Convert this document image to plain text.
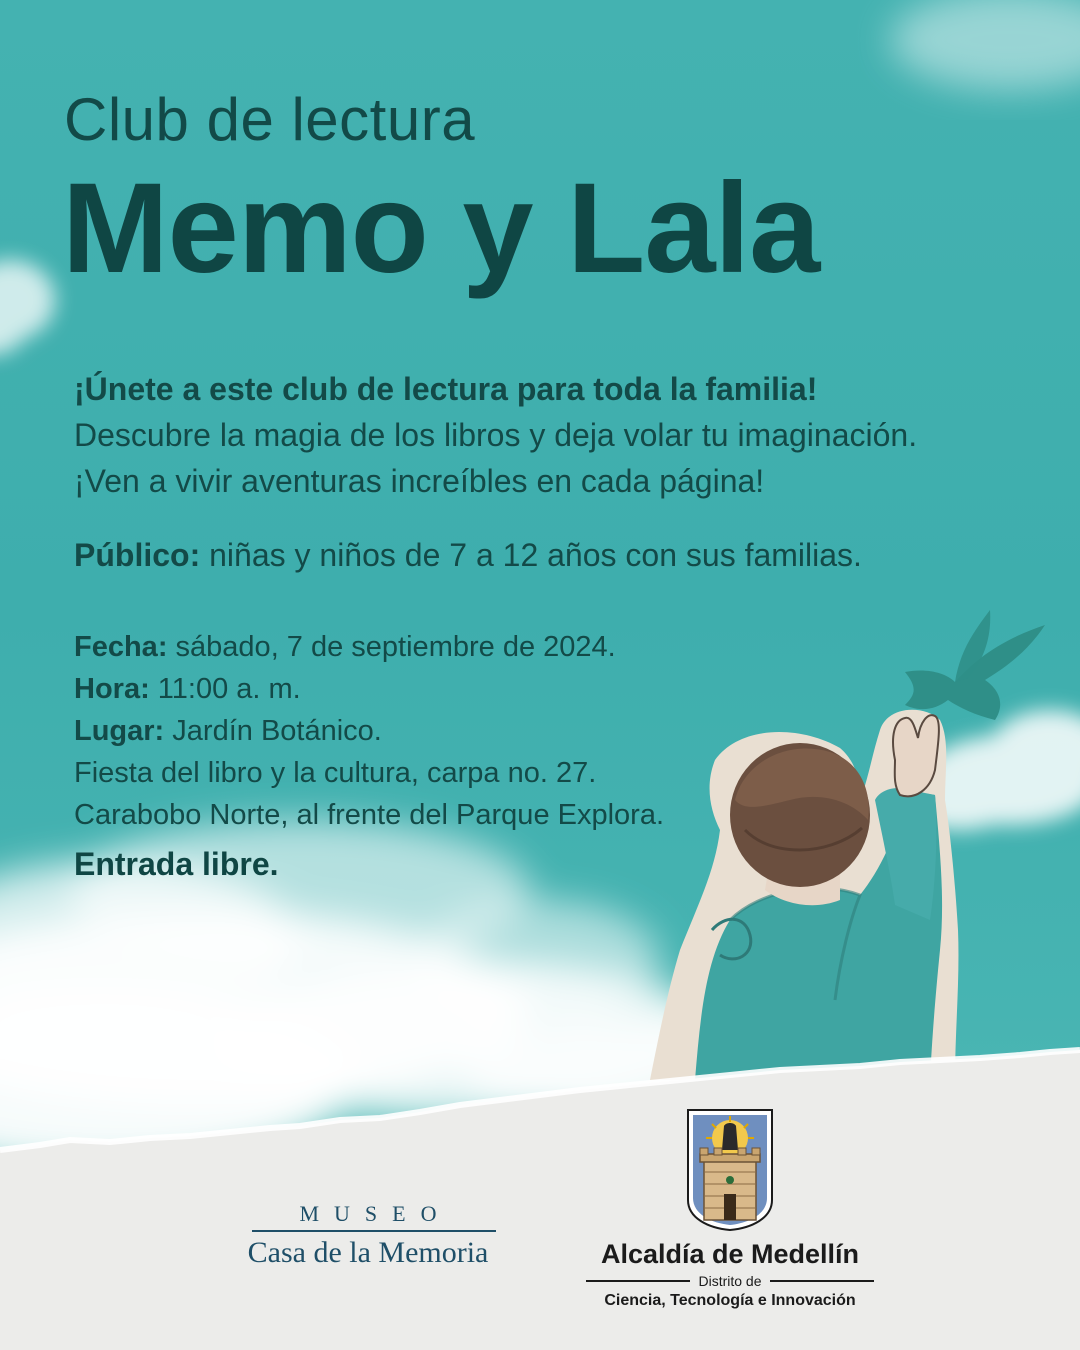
Club de lectura
Memo y Lala
¡Únete a este club de lectura para toda la familia!
Descubre la magia de los libros y deja volar tu imaginación.
¡Ven a vivir aventuras increíbles en cada página!
Público: niñas y niños de 7 a 12 años con sus familias.
Fecha: sábado, 7 de septiembre de 2024.
Hora: 11:00 a. m.
Lugar: Jardín Botánico.
Fiesta del libro y la cultura, carpa no. 27.
Carabobo Norte, al frente del Parque Explora.
Entrada libre.
MUSEO
Casa de la Memoria	Alcaldía de Medellín
Distrito de
Ciencia, Tecnología e Innovación
